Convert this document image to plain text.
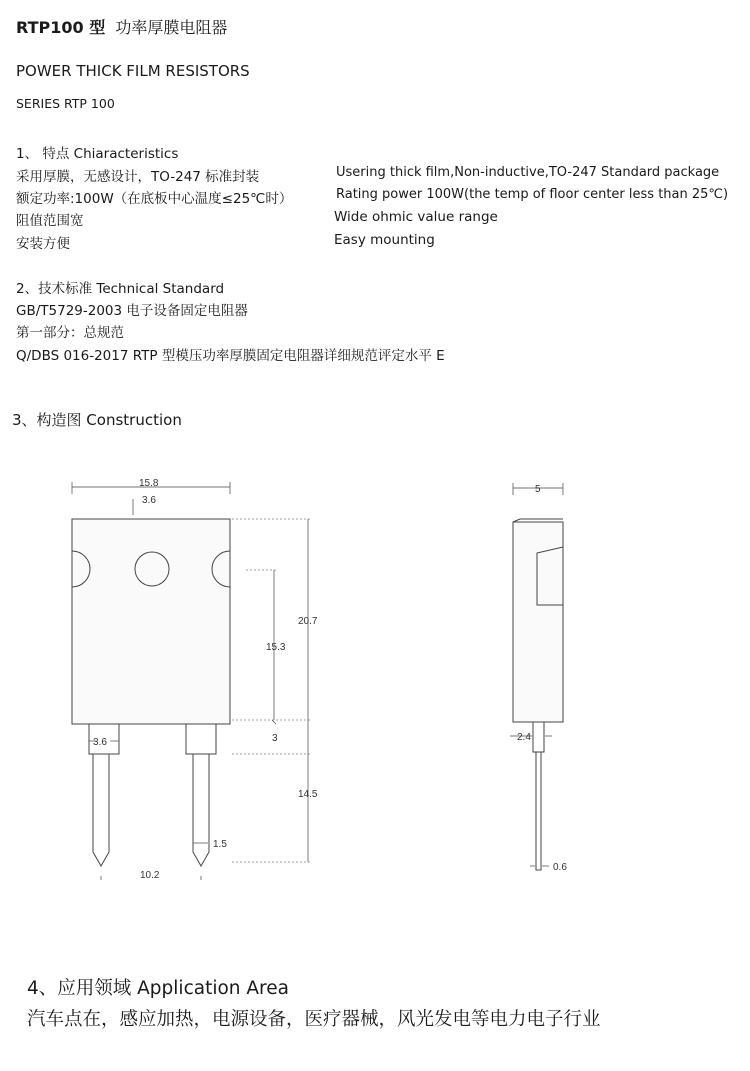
RTP100 型 功率厚膜电阻器
POWER THICK FILM RESISTORS
SERIES RTP 100
1、 特点 Chiaracteristics
采用厚膜，无感设计，TO-247 标准封装	Usering thick film,Non-inductive,TO-247 Standard package
额定功率:100W（在底板中心温度≤25℃时）	Rating power 100W(the temp of floor center less than 25℃)
阻值范围宽	Wide ohmic value range
安装方便	Easy mounting
2、技术标准 Technical Standard
GB/T5729-2003 电子设备固定电阻器
第一部分：总规范
Q/DBS 016-2017 RTP 型模压功率厚膜固定电阻器详细规范评定水平 E
3、构造图 Construction
15.8
3.6
20.7
15.3
3
14.5
3.6
1.5
10.2
5
2.4
0.6
4、应用领域 Application Area
汽车点在，感应加热，电源设备，医疗器械，风光发电等电力电子行业
